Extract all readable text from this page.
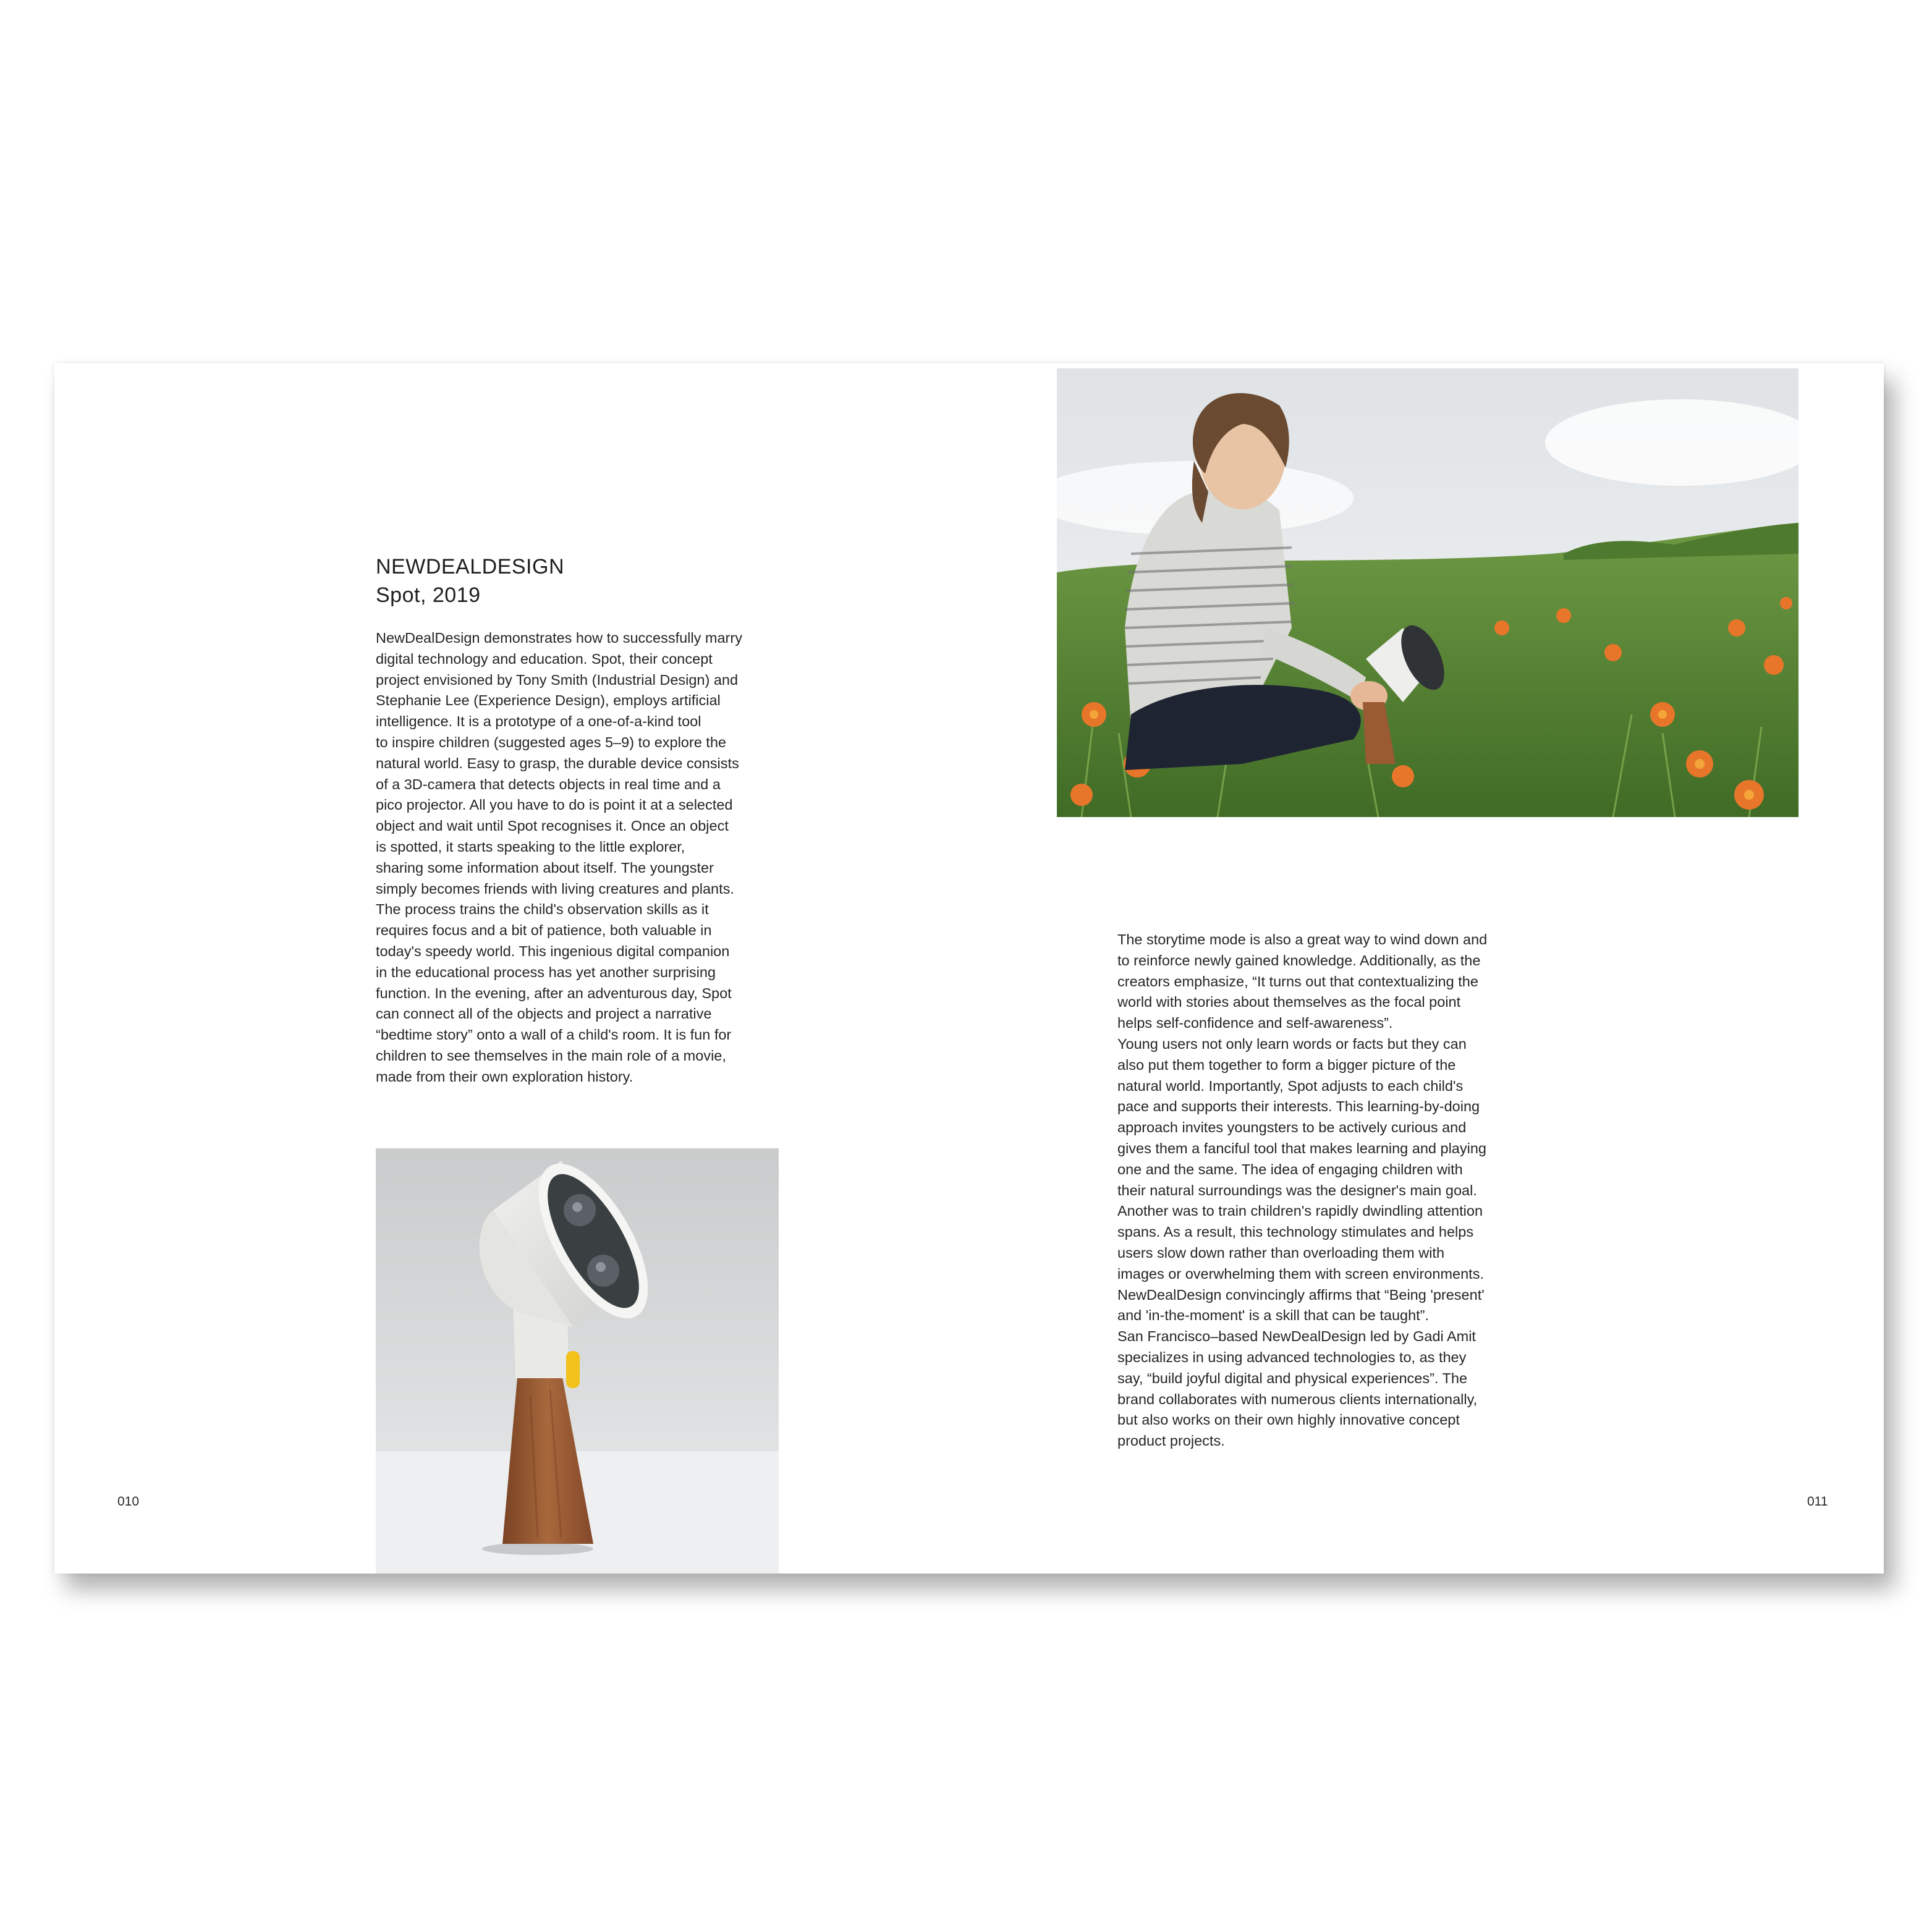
NEWDEALDESIGN
Spot, 2019
NewDealDesign demonstrates how to successfully marry
digital technology and education. Spot, their concept
project envisioned by Tony Smith (Industrial Design) and
Stephanie Lee (Experience Design), employs artificial
intelligence. It is a prototype of a one-of-a-kind tool
to inspire children (suggested ages 5–9) to explore the
natural world. Easy to grasp, the durable device consists
of a 3D-camera that detects objects in real time and a
pico projector. All you have to do is point it at a selected
object and wait until Spot recognises it. Once an object
is spotted, it starts speaking to the little explorer,
sharing some information about itself. The youngster
simply becomes friends with living creatures and plants.
The process trains the child's observation skills as it
requires focus and a bit of patience, both valuable in
today's speedy world. This ingenious digital companion
in the educational process has yet another surprising
function. In the evening, after an adventurous day, Spot
can connect all of the objects and project a narrative
“bedtime story” onto a wall of a child's room. It is fun for
children to see themselves in the main role of a movie,
made from their own exploration history.
010
The storytime mode is also a great way to wind down and
to reinforce newly gained knowledge. Additionally, as the
creators emphasize, “It turns out that contextualizing the
world with stories about themselves as the focal point
helps self-confidence and self-awareness”.
Young users not only learn words or facts but they can
also put them together to form a bigger picture of the
natural world. Importantly, Spot adjusts to each child's
pace and supports their interests. This learning-by-doing
approach invites youngsters to be actively curious and
gives them a fanciful tool that makes learning and playing
one and the same. The idea of engaging children with
their natural surroundings was the designer's main goal.
Another was to train children's rapidly dwindling attention
spans. As a result, this technology stimulates and helps
users slow down rather than overloading them with
images or overwhelming them with screen environments.
NewDealDesign convincingly affirms that “Being 'present'
and 'in-the-moment' is a skill that can be taught”.
San Francisco–based NewDealDesign led by Gadi Amit
specializes in using advanced technologies to, as they
say, “build joyful digital and physical experiences”. The
brand collaborates with numerous clients internationally,
but also works on their own highly innovative concept
product projects.
011
